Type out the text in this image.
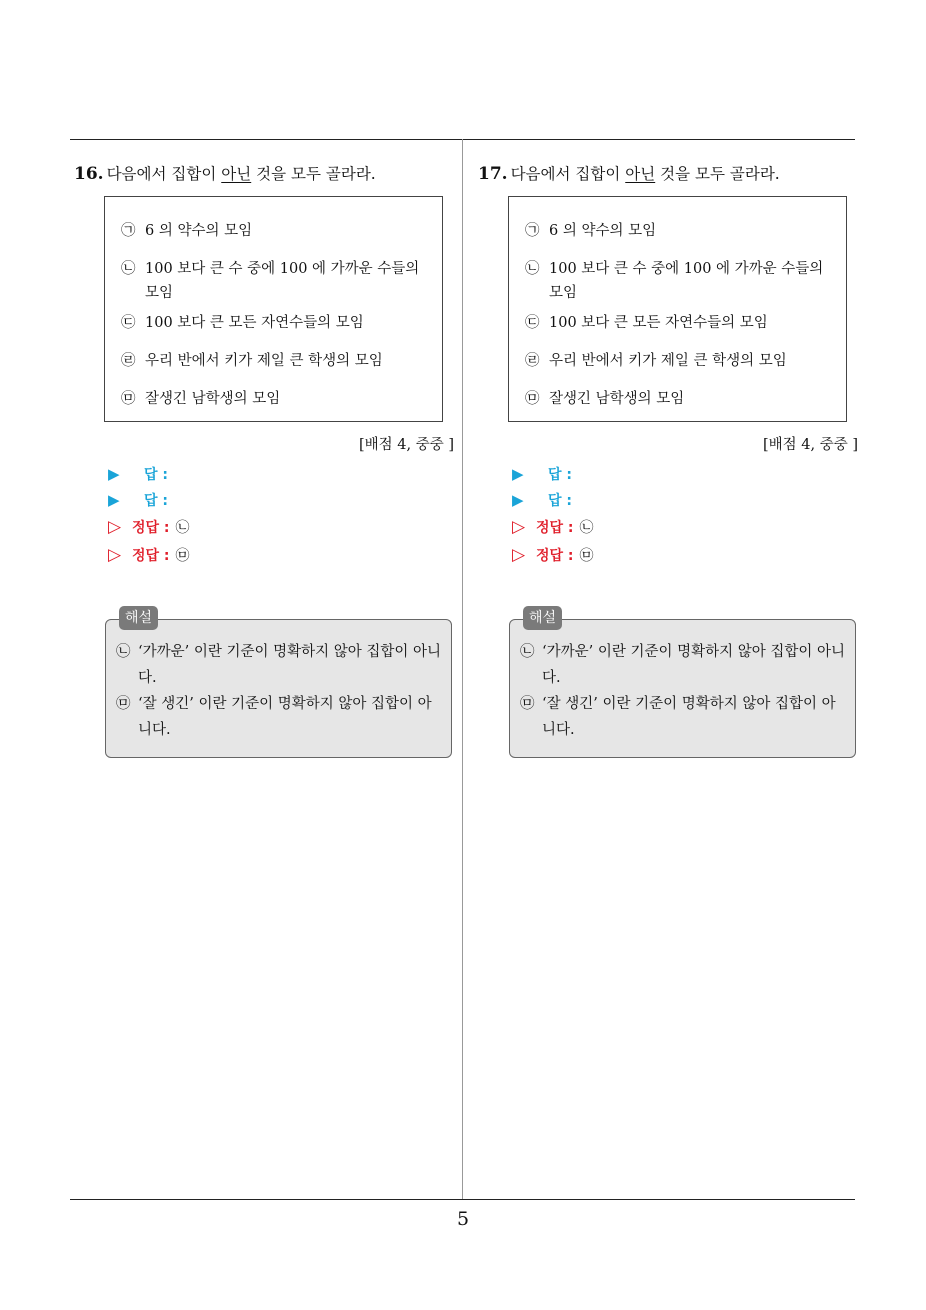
16. 다음에서 집합이 아닌 것을 모두 골라라.
㉠ 6 의 약수의 모임
㉡ 100 보다 큰 수 중에 100 에 가까운 수들의 모임
㉢ 100 보다 큰 모든 자연수들의 모임
㉣ 우리 반에서 키가 제일 큰 학생의 모임
㉤ 잘생긴 남학생의 모임
[배점 4, 중중 ]
▶	답 :
▶	답 :
▷ 정답 : ㉡
▷ 정답 : ㉤
해설
㉡ ‘가까운’ 이란 기준이 명확하지 않아 집합이 아니다.
㉤ ‘잘 생긴’ 이란 기준이 명확하지 않아 집합이 아니다.
17. 다음에서 집합이 아닌 것을 모두 골라라.
㉠ 6 의 약수의 모임
㉡ 100 보다 큰 수 중에 100 에 가까운 수들의 모임
㉢ 100 보다 큰 모든 자연수들의 모임
㉣ 우리 반에서 키가 제일 큰 학생의 모임
㉤ 잘생긴 남학생의 모임
[배점 4, 중중 ]
▶	답 :
▶	답 :
▷ 정답 : ㉡
▷ 정답 : ㉤
해설
㉡ ‘가까운’ 이란 기준이 명확하지 않아 집합이 아니다.
㉤ ‘잘 생긴’ 이란 기준이 명확하지 않아 집합이 아니다.
5
